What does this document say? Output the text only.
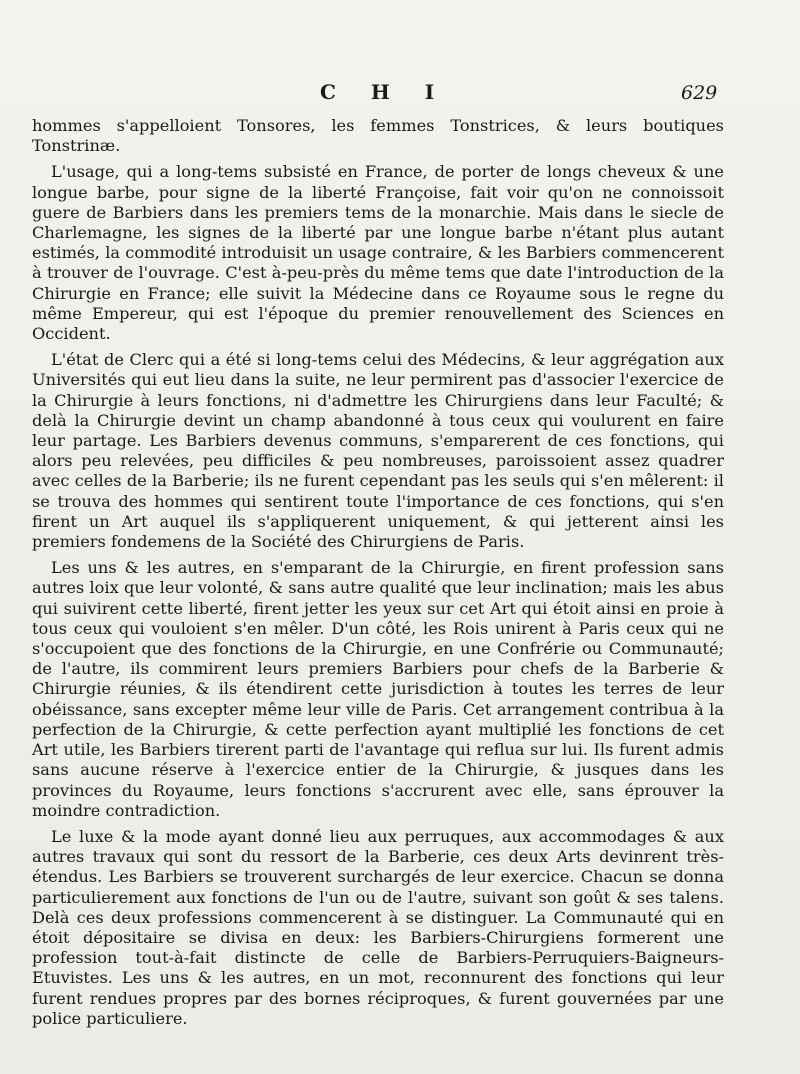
C H I	629

hommes s'appelloient Tonsores, les femmes Tonstrices, & leurs boutiques Tonstrinæ.

L'usage, qui a long-tems subsisté en France, de porter de longs cheveux & une longue barbe, pour signe de la liberté Françoise, fait voir qu'on ne connoissoit guere de Barbiers dans les premiers tems de la monarchie. Mais dans le siecle de Charlemagne, les signes de la liberté par une longue barbe n'étant plus autant estimés, la commodité introduisit un usage contraire, & les Barbiers commencerent à trouver de l'ouvrage. C'est à-peu-près du même tems que date l'introduction de la Chirurgie en France; elle suivit la Médecine dans ce Royaume sous le regne du même Empereur, qui est l'époque du premier renouvellement des Sciences en Occident.

L'état de Clerc qui a été si long-tems celui des Médecins, & leur aggrégation aux Universités qui eut lieu dans la suite, ne leur permirent pas d'associer l'exercice de la Chirurgie à leurs fonctions, ni d'admettre les Chirurgiens dans leur Faculté; & delà la Chirurgie devint un champ abandonné à tous ceux qui voulurent en faire leur partage. Les Barbiers devenus communs, s'emparerent de ces fonctions, qui alors peu relevées, peu difficiles & peu nombreuses, paroissoient assez quadrer avec celles de la Barberie; ils ne furent cependant pas les seuls qui s'en mêlerent: il se trouva des hommes qui sentirent toute l'importance de ces fonctions, qui s'en firent un Art auquel ils s'appliquerent uniquement, & qui jetterent ainsi les premiers fondemens de la Société des Chirurgiens de Paris.

Les uns & les autres, en s'emparant de la Chirurgie, en firent profession sans autres loix que leur volonté, & sans autre qualité que leur inclination; mais les abus qui suivirent cette liberté, firent jetter les yeux sur cet Art qui étoit ainsi en proie à tous ceux qui vouloient s'en mêler. D'un côté, les Rois unirent à Paris ceux qui ne s'occupoient que des fonctions de la Chirurgie, en une Confrérie ou Communauté; de l'autre, ils commirent leurs premiers Barbiers pour chefs de la Barberie & Chirurgie réunies, & ils étendirent cette jurisdiction à toutes les terres de leur obéissance, sans excepter même leur ville de Paris. Cet arrangement contribua à la perfection de la Chirurgie, & cette perfection ayant multiplié les fonctions de cet Art utile, les Barbiers tirerent parti de l'avantage qui reflua sur lui. Ils furent admis sans aucune réserve à l'exercice entier de la Chirurgie, & jusques dans les provinces du Royaume, leurs fonctions s'accrurent avec elle, sans éprouver la moindre contradiction.

Le luxe & la mode ayant donné lieu aux perruques, aux accommodages & aux autres travaux qui sont du ressort de la Barberie, ces deux Arts devinrent très-étendus. Les Barbiers se trouverent surchargés de leur exercice. Chacun se donna particulierement aux fonctions de l'un ou de l'autre, suivant son goût & ses talens. Delà ces deux professions commencerent à se distinguer. La Communauté qui en étoit dépositaire se divisa en deux: les Barbiers-Chirurgiens formerent une profession tout-à-fait distincte de celle de Barbiers-Perruquiers-Baigneurs-Etuvistes. Les uns & les autres, en un mot, reconnurent des fonctions qui leur furent rendues propres par des bornes réciproques, & furent gouvernées par une police particuliere.
